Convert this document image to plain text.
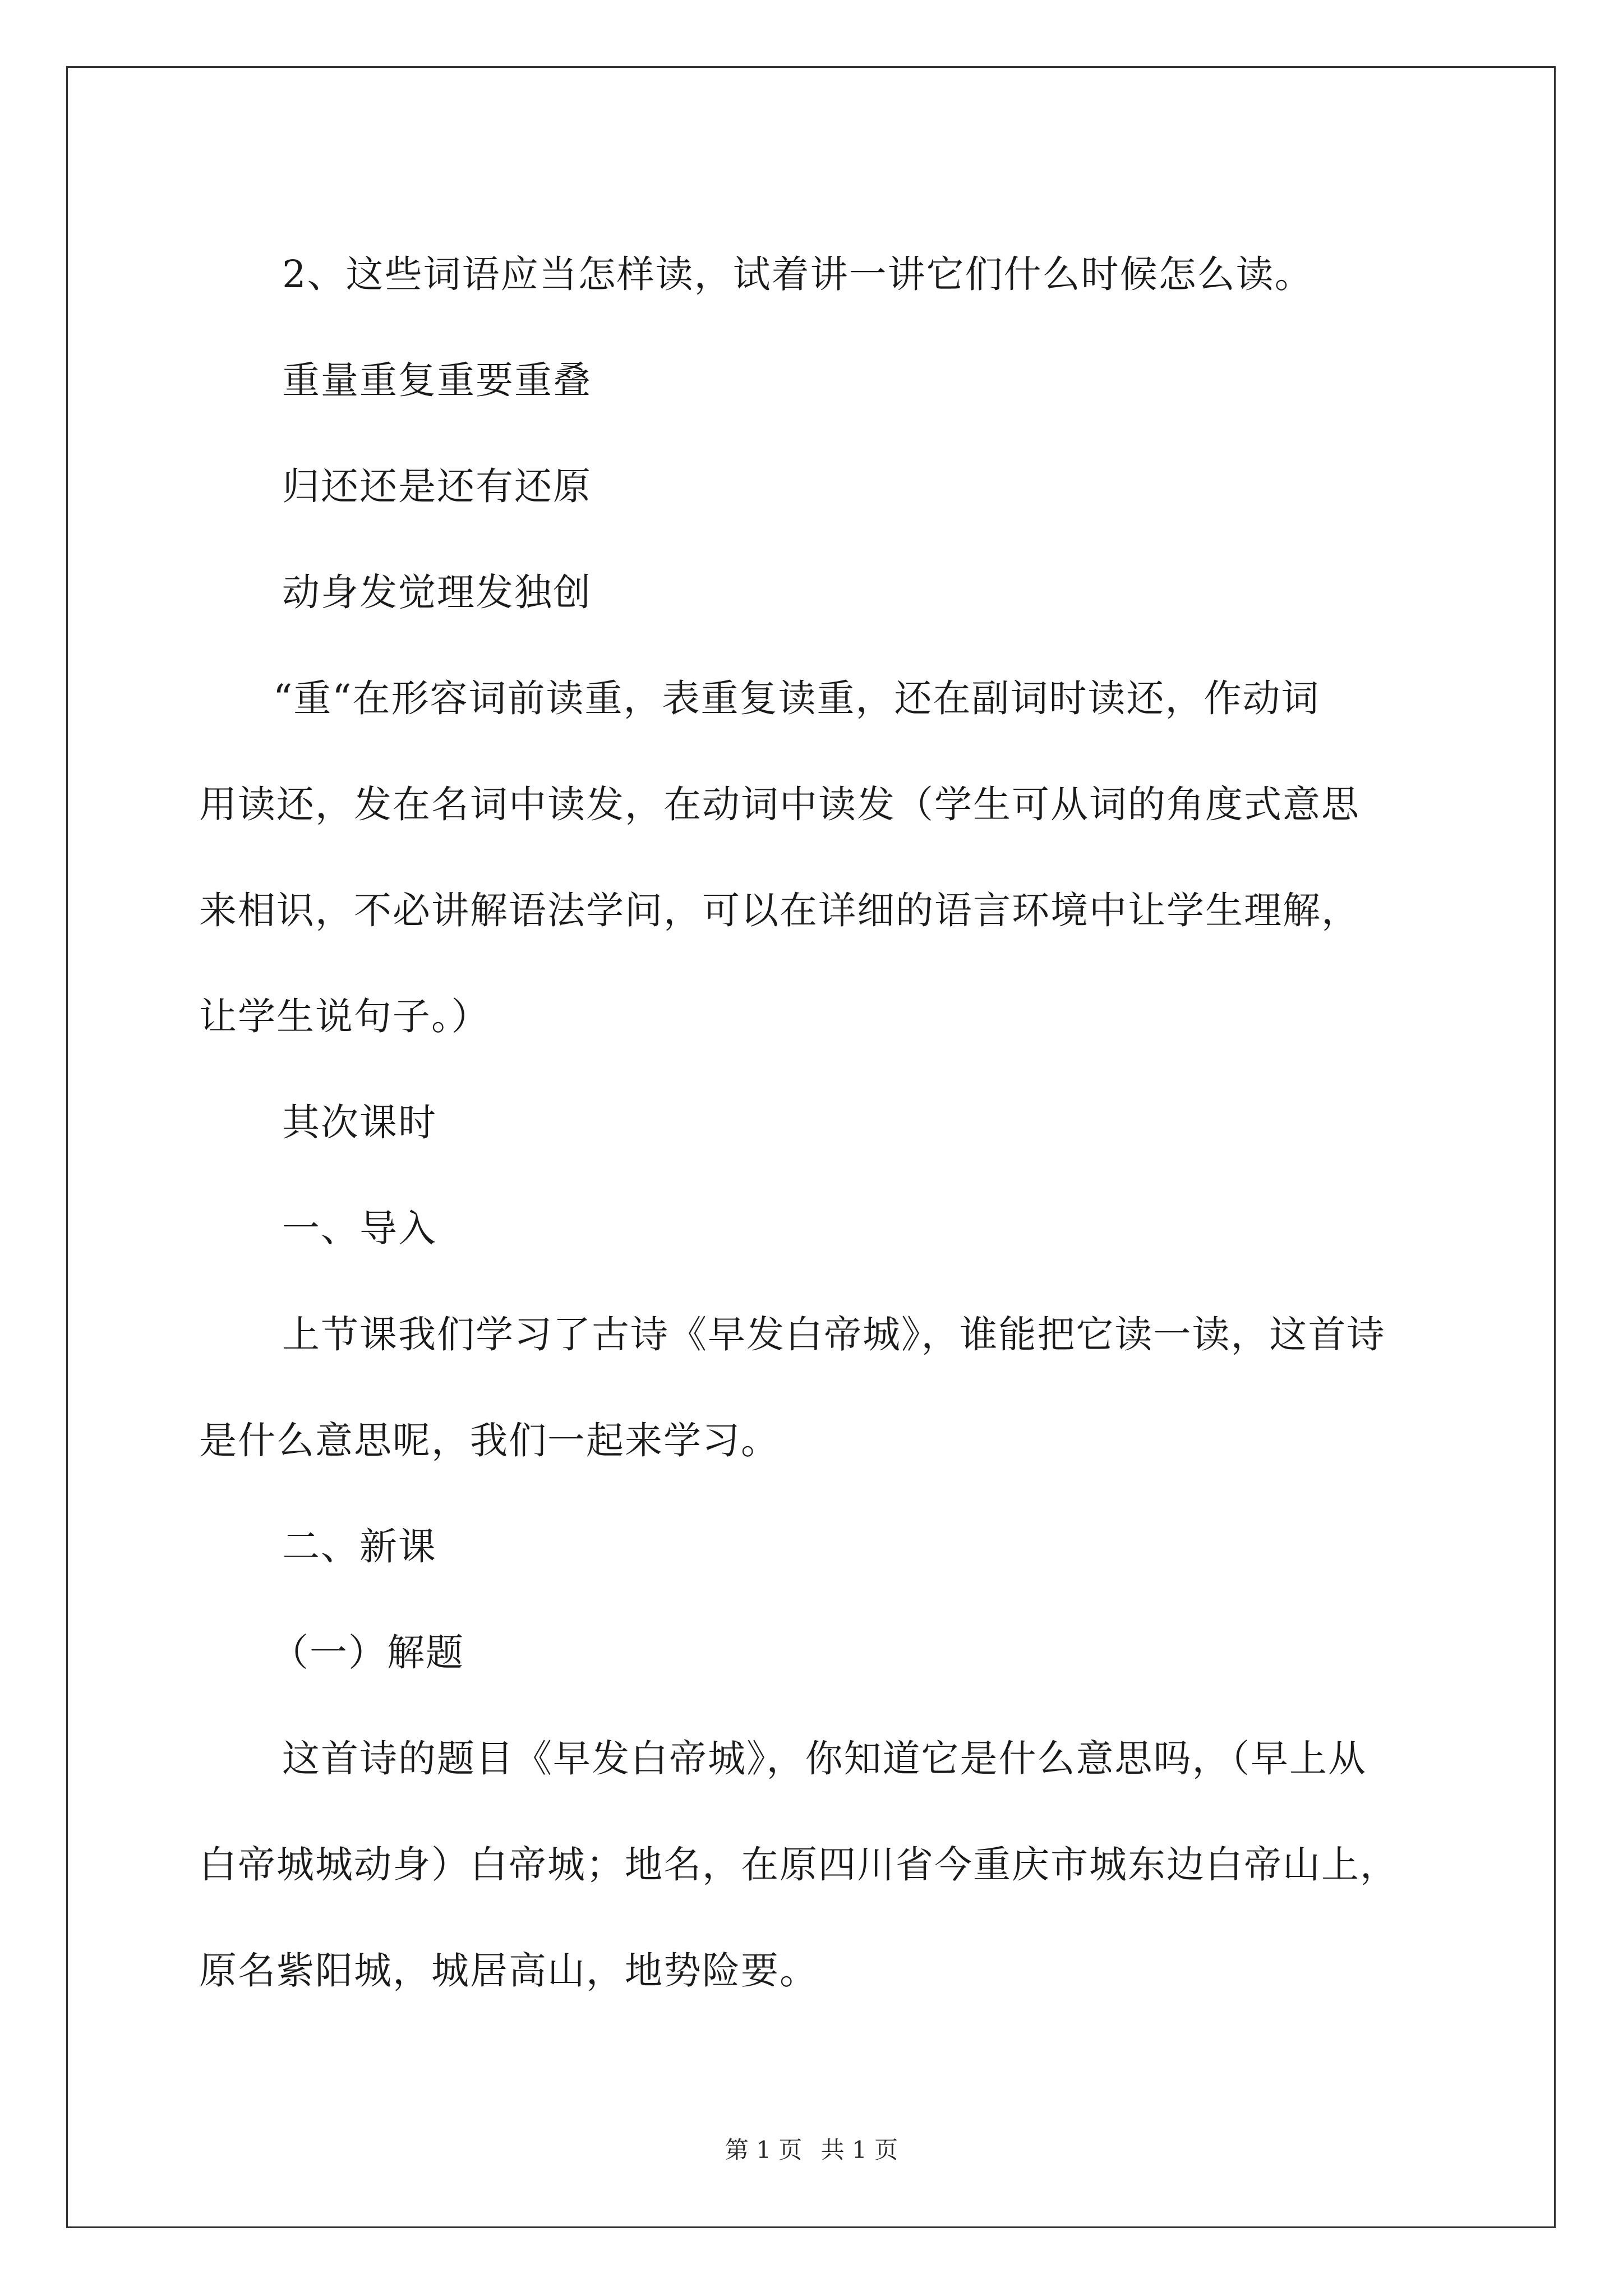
2、这些词语应当怎样读，试着讲一讲它们什么时候怎么读。

重量重复重要重叠

归还还是还有还原

动身发觉理发独创

“重“在形容词前读重，表重复读重，还在副词时读还，作动词

用读还，发在名词中读发，在动词中读发（学生可从词的角度式意思

来相识，不必讲解语法学问，可以在详细的语言环境中让学生理解，

让学生说句子。）

其次课时

一、导入

上节课我们学习了古诗《早发白帝城》，谁能把它读一读，这首诗

是什么意思呢，我们一起来学习。

二、新课

（一）解题

这首诗的题目《早发白帝城》，你知道它是什么意思吗，（早上从

白帝城城动身）白帝城；地名，在原四川省今重庆市城东边白帝山上，

原名紫阳城，城居高山，地势险要。

第 1 页 共 1 页
